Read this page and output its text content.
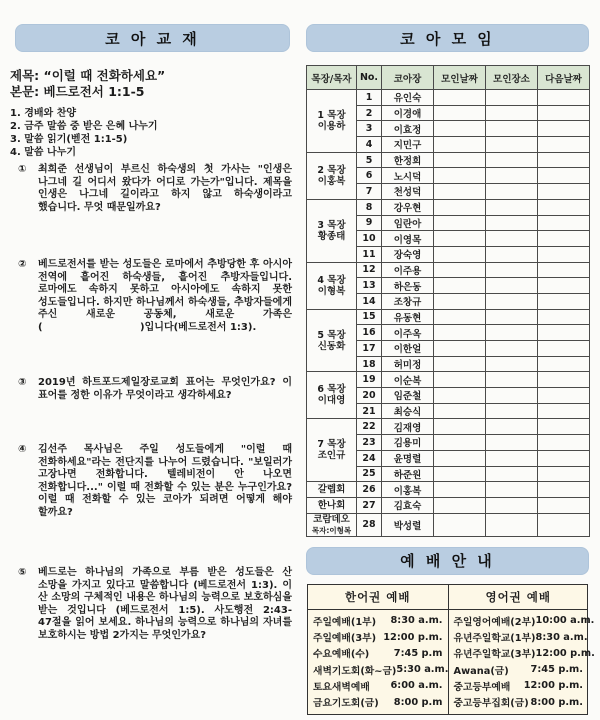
코 아 교 재
제목: “이럴 때 전화하세요”
본문: 베드로전서 1:1-5
1. 경배와 찬양
2. 금주 말씀 중 받은 은혜 나누기
3. 말씀 읽기(벧전 1:1-5)
4. 말씀 나누기
①	최희준 선생님이 부르신 하숙생의 첫 가사는 "인생은 나그네 길 어디서 왔다가 어디로 가는가"입니다. 제목을 인생은 나그네 길이라고 하지 않고 하숙생이라고 했습니다. 무엇 때문일까요?
②	베드로전서를 받는 성도들은 로마에서 추방당한 후 아시아 전역에 흩어진 하숙생들, 흩어진 추방자들입니다. 로마에도 속하지 못하고 아시아에도 속하지 못한 성도들입니다. 하지만 하나님께서 하숙생들, 추방자들에게 주신 새로운 공동체, 새로운 가족은 (                            )입니다(베드로전서 1:3).
③	2019년 하트포드제일장로교회 표어는 무엇인가요? 이 표어를 정한 이유가 무엇이라고 생각하세요?
④	김선주 목사님은 주일 성도들에게 "이럴 때 전화하세요"라는 전단지를 나누어 드렸습니다. "보일러가 고장나면 전화합니다. 텔레비전이 안 나오면 전화합니다..." 이럴 때 전화할 수 있는 분은 누구인가요? 이럴 때 전화할 수 있는 코아가 되려면 어떻게 해야 할까요?
⑤	베드로는 하나님의 가족으로 부름 받은 성도들은 산 소망을 가지고 있다고 말씀합니다 (베드로전서 1:3). 이 산 소망의 구체적인 내용은 하나님의 능력으로 보호하심을 받는 것입니다 (베드로전서 1:5). 사도행전 2:43-47절을 읽어 보세요. 하나님의 능력으로 하나님의 자녀를 보호하시는 방법 2가지는 무엇인가요?
코 아 모 임
목장/목자	No.	코아장	모인날짜	모인장소	다음날짜

1 목장
이용하	1	유인숙			
	2	이경애			
	3	이효정			
	4	지민구			

2 목장
이홍복	5	한정희			
	6	노시덕			
	7	천성덕			

3 목장
황종태	8	강우현			
	9	임란아			
	10	이영목			
	11	장숙영			

4 목장
이형복	12	이주용			
	13	하은동			
	14	조창규			

5 목장
신동화	15	유동현			
	16	이주옥			
	17	이한얼			
	18	허미정			

6 목장
이대영	19	이순복			
	20	임준철			
	21	최승식			

7 목장
조인규	22	김재영			
	23	김용미			
	24	윤명렬			
	25	하준원			

갈렙회	26	이홍복			

한나회	27	김효숙			

코람데오
목자:이형복	28	박성렬			
예 배 안 내
한어권 예배
주일예배(1부) 8:30 a.m.
주일예배(3부) 12:00 p.m.
수요예배(수) 7:45 p.m
새벽기도회(화~금) 5:30 a.m.
토요새벽예배 6:00 a.m.
금요기도회(금) 8:00 p.m
영어권 예배
주일영어예배(2부) 10:00 a.m.
유년주일학교(1부) 8:30 a.m.
유년주일학교(3부) 12:00 p.m.
Awana(금) 7:45 p.m.
중고등부예배 12:00 p.m.
중고등부집회(금) 8:00 p.m.
